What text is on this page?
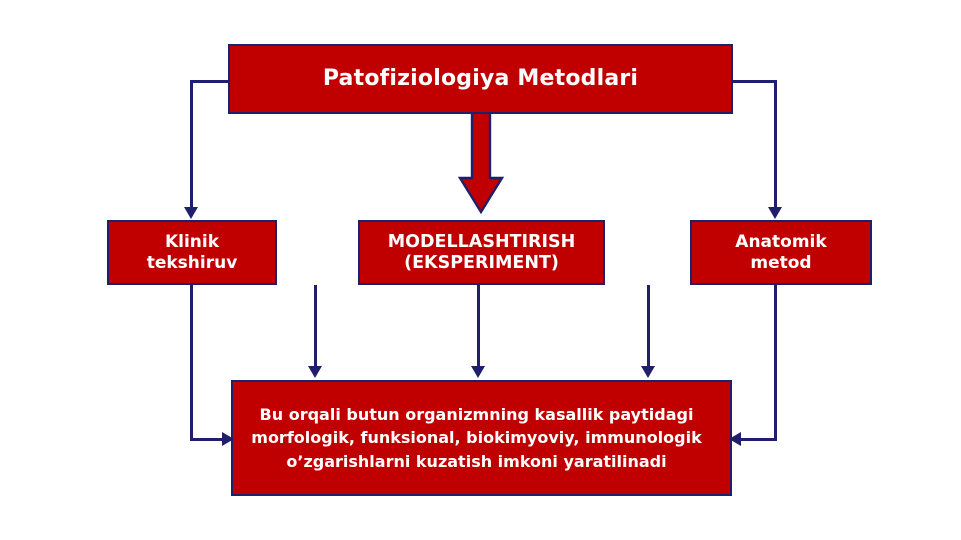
Patofiziologiya Metodlari
Klinik
tekshiruv
MODELLASHTIRISH
(EKSPERIMENT)
Anatomik
metod
Bu orqali butun organizmning kasallik paytidagi
morfologik, funksional, biokimyoviy, immunologik
o’zgarishlarni kuzatish imkoni yaratilinadi
